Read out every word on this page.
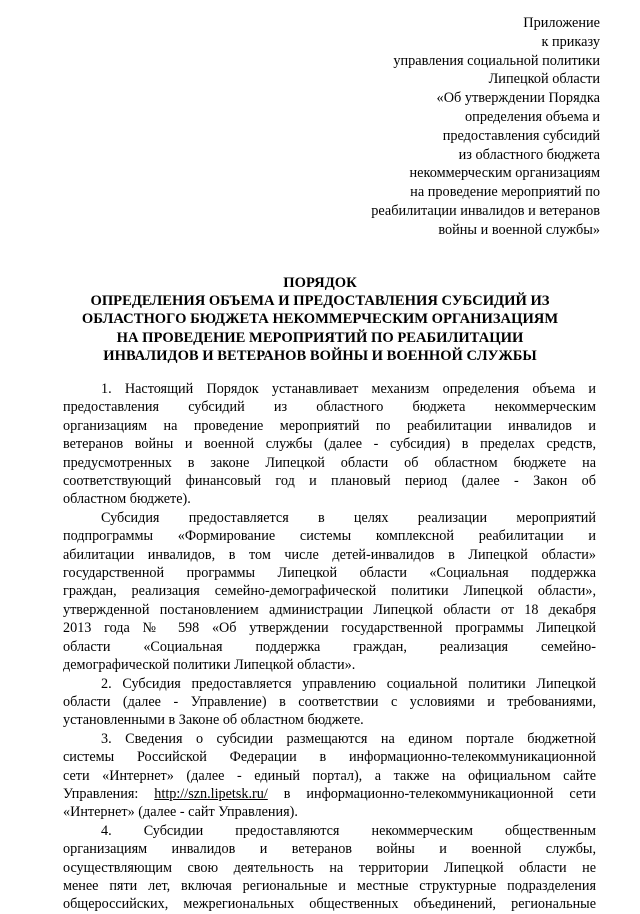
Приложение
к приказу
управления социальной политики
Липецкой области
«Об утверждении Порядка
определения объема и
предоставления субсидий
из областного бюджета
некоммерческим организациям
на проведение мероприятий по
реабилитации инвалидов и ветеранов
войны и военной службы»
ПОРЯДОК
ОПРЕДЕЛЕНИЯ ОБЪЕМА И ПРЕДОСТАВЛЕНИЯ СУБСИДИЙ ИЗ
ОБЛАСТНОГО БЮДЖЕТА НЕКОММЕРЧЕСКИМ ОРГАНИЗАЦИЯМ
НА ПРОВЕДЕНИЕ МЕРОПРИЯТИЙ ПО РЕАБИЛИТАЦИИ
ИНВАЛИДОВ И ВЕТЕРАНОВ ВОЙНЫ И ВОЕННОЙ СЛУЖБЫ
1. Настоящий Порядок устанавливает механизм определения объема и
предоставления субсидий из областного бюджета некоммерческим
организациям на проведение мероприятий по реабилитации инвалидов и
ветеранов войны и военной службы (далее - субсидия) в пределах средств,
предусмотренных в законе Липецкой области об областном бюджете на
соответствующий финансовый год и плановый период (далее - Закон об
областном бюджете).
Субсидия предоставляется в целях реализации мероприятий
подпрограммы «Формирование системы комплексной реабилитации и
абилитации инвалидов, в том числе детей-инвалидов в Липецкой области»
государственной программы Липецкой области «Социальная поддержка
граждан, реализация семейно-демографической политики Липецкой области»,
утвержденной постановлением администрации Липецкой области от 18 декабря
2013 года № 598 «Об утверждении государственной программы Липецкой
области «Социальная поддержка граждан, реализация семейно-
демографической политики Липецкой области».
2. Субсидия предоставляется управлению социальной политики Липецкой
области (далее - Управление) в соответствии с условиями и требованиями,
установленными в Законе об областном бюджете.
3. Сведения о субсидии размещаются на едином портале бюджетной
системы Российской Федерации в информационно-телекоммуникационной
сети «Интернет» (далее - единый портал), а также на официальном сайте
Управления: http://szn.lipetsk.ru/ в информационно-телекоммуникационной сети
«Интернет» (далее - сайт Управления).
4. Субсидии предоставляются некоммерческим общественным
организациям инвалидов и ветеранов войны и военной службы,
осуществляющим свою деятельность на территории Липецкой области не
менее пяти лет, включая региональные и местные структурные подразделения
общероссийских, межрегиональных общественных объединений, региональные
